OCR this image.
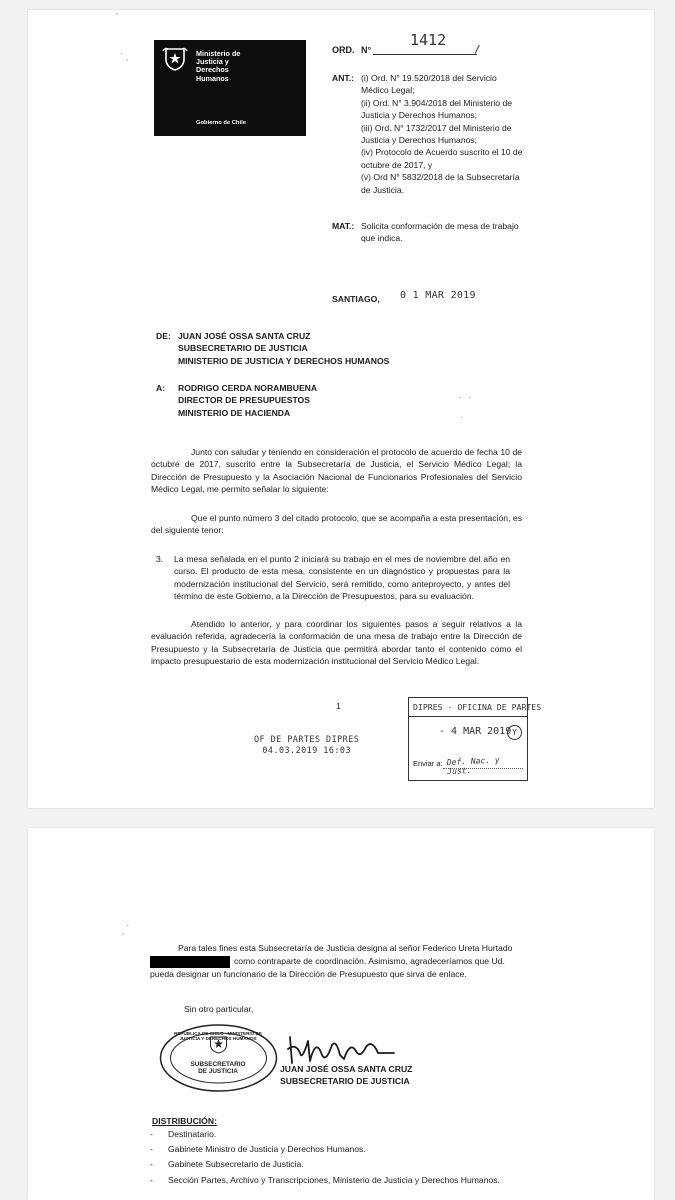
'
·
'
Ministerio de
Justicia y
Derechos
Humanos
Gobierno de Chile
ORD. N°
1412
/
ANT.: (i) Ord. N° 19.520/2018 del Servicio
Médico Legal;
(ii) Ord. N° 3.904/2018 del Ministerio de
Justicia y Derechos Humanos;
(iii) Ord. N° 1732/2017 del Ministerio de
Justicia y Derechos Humanos;
(iv) Protocolo de Acuerdo suscrito el 10 de
octubre de 2017, y
(v) Ord N° 5832/2018 de la Subsecretaría
de Justicia.
MAT.: Solicita conformación de mesa de trabajo
que indica.
SANTIAGO, 0 1 MAR 2019
DE: JUAN JOSÉ OSSA SANTA CRUZ
SUBSECRETARIO DE JUSTICIA
MINISTERIO DE JUSTICIA Y DERECHOS HUMANOS
A: RODRIGO CERDA NORAMBUENA
DIRECTOR DE PRESUPUESTOS
MINISTERIO DE HACIENDA
· ·
·
Junto con saludar y teniendo en consideración el protocolo de acuerdo de fecha 10 de octubre de 2017, suscrito entre la Subsecretaría de Justicia, el Servicio Médico Legal; la Dirección de Presupuesto y la Asociación Nacional de Funcionarios Profesionales del Servicio Médico Legal, me permito señalar lo siguiente:
Que el punto número 3 del citado protocolo, que se acompaña a esta presentación, es del siguiente tenor:
3. La mesa señalada en el punto 2 iniciará su trabajo en el mes de noviembre del año en curso. El producto de esta mesa, consistente en un diagnóstico y propuestas para la modernización institucional del Servicio, será remitido, como anteproyecto, y antes del término de este Gobierno, a la Dirección de Presupuestos, para su evaluación.
Atendido lo anterior, y para coordinar los siguientes pasos a seguir relativos a la evaluación referida, agradecería la conformación de una mesa de trabajo entre la Dirección de Presupuesto y la Subsecretaría de Justicia que permitirá abordar tanto el contenido como el impacto presupuestario de esta modernización institucional del Servicio Médico Legal.
1
OF DE PARTES DIPRES
04.03.2019 16:03
DIPRES - OFICINA DE PARTES
- 4 MAR 2019 Y
Enviar a: Def. Nac. y Just.
·
'
Para tales fines esta Subsecretaría de Justicia designa al señor Federico Ureta Hurtado
como contraparte de coordinación. Asimismo, agradeceríamos que Ud.
pueda designar un funcionario de la Dirección de Presupuesto que sirva de enlace.
Sin otro particular,
REPUBLICA DE CHILE · MINISTERIO DE JUSTICIA Y DERECHOS HUMANOS
SUBSECRETARIO
DE JUSTICIA	JUAN JOSÉ OSSA SANTA CRUZ
SUBSECRETARIO DE JUSTICIA
DISTRIBUCIÓN:
- Destinatario.
- Gabinete Ministro de Justicia y Derechos Humanos.
- Gabinete Subsecretario de Justicia.
- Sección Partes, Archivo y Transcripciones, Ministerio de Justicia y Derechos Humanos.
